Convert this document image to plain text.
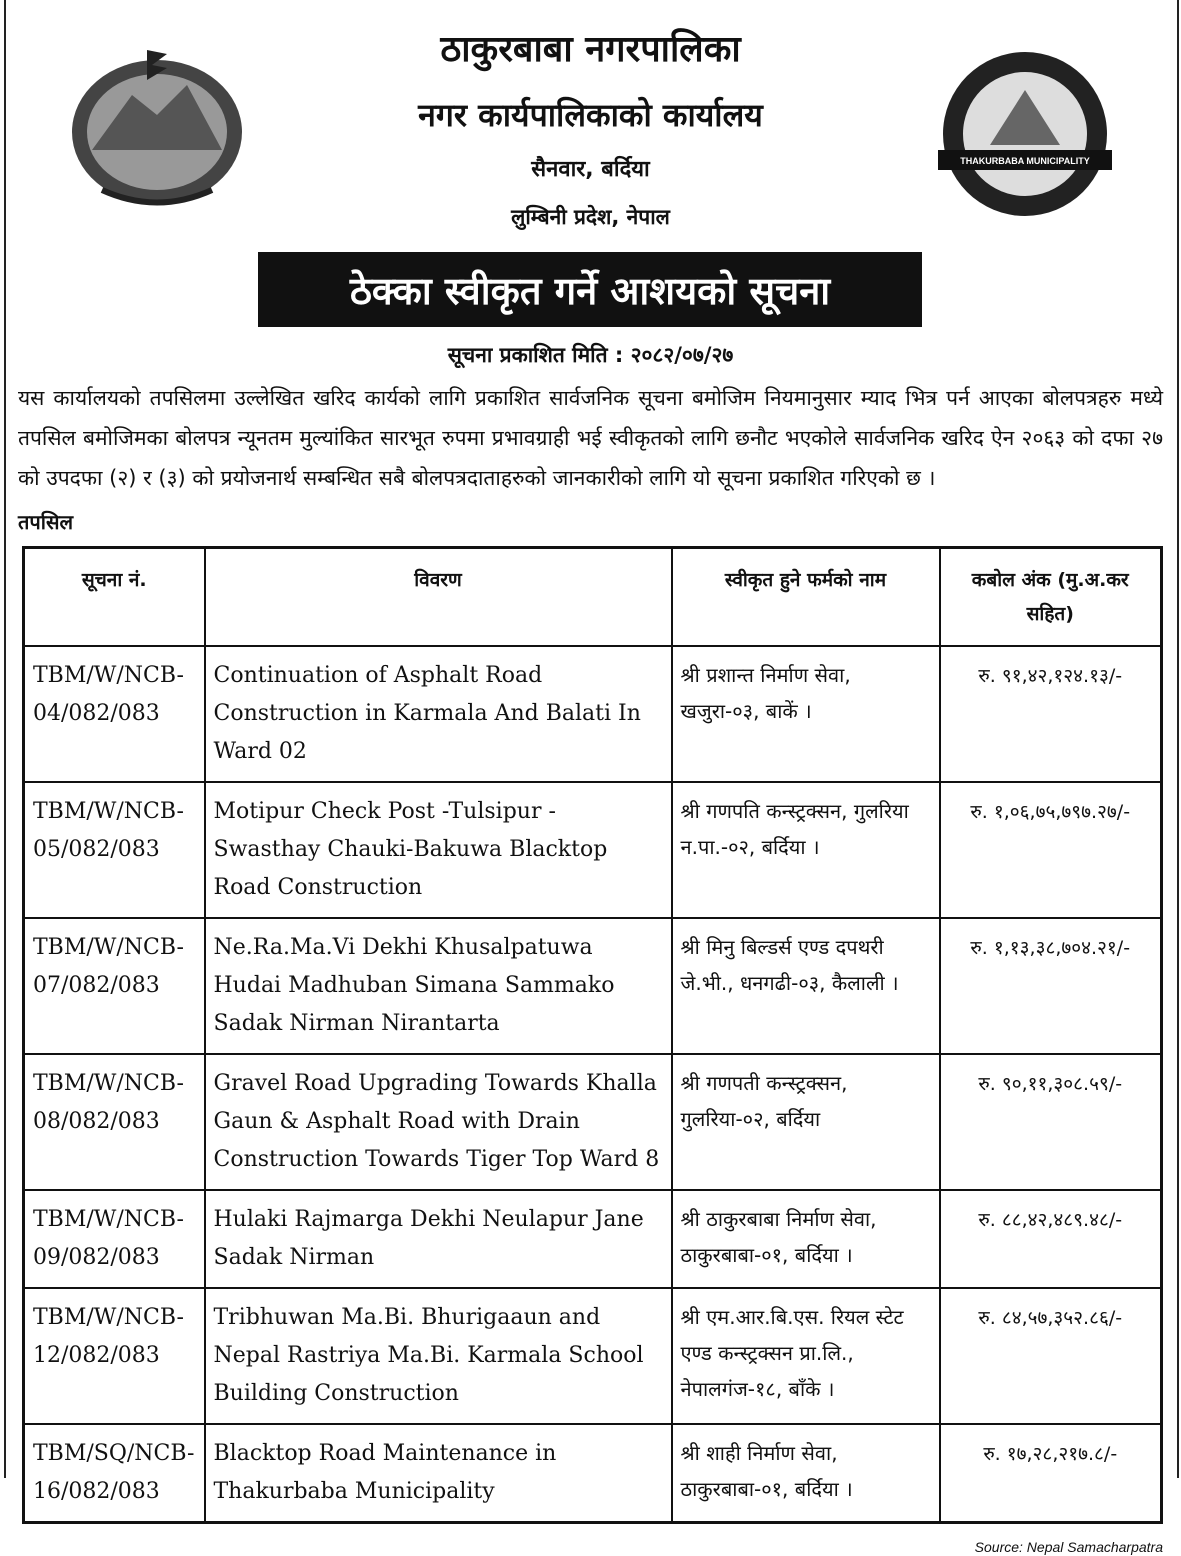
THAKURBABA MUNICIPALITY
ठाकुरबाबा नगरपालिका
नगर कार्यपालिकाको कार्यालय
सैनवार, बर्दिया
लुम्बिनी प्रदेश, नेपाल
ठेक्का स्वीकृत गर्ने आशयको सूचना
सूचना प्रकाशित मिति : २०८२/०७/२७
यस कार्यालयको तपसिलमा उल्लेखित खरिद कार्यको लागि प्रकाशित सार्वजनिक सूचना बमोजिम नियमानुसार म्याद भित्र पर्न आएका बोलपत्रहरु मध्ये तपसिल बमोजिमका बोलपत्र न्यूनतम मुल्यांकित सारभूत रुपमा प्रभावग्राही भई स्वीकृतको लागि छनौट भएकोले सार्वजनिक खरिद ऐन २०६३ को दफा २७ को उपदफा (२) र (३) को प्रयोजनार्थ सम्बन्धित सबै बोलपत्रदाताहरुको जानकारीको लागि यो सूचना प्रकाशित गरिएको छ ।
तपसिल
सूचना नं.	विवरण	स्वीकृत हुने फर्मको नाम	कबोल अंक (मु.अ.कर सहित)
TBM/W/NCB-04/082/083	Continuation of Asphalt Road Construction in Karmala And Balati In Ward 02	श्री प्रशान्त निर्माण सेवा, खजुरा-०३, बाकें ।	रु. ९१,४२,१२४.१३/-
TBM/W/NCB-05/082/083	Motipur Check Post -Tulsipur - Swasthay Chauki-Bakuwa Blacktop Road Construction	श्री गणपति कन्स्ट्रक्सन, गुलरिया न.पा.-०२, बर्दिया ।	रु. १,०६,७५,७९७.२७/-
TBM/W/NCB-07/082/083	Ne.Ra.Ma.Vi Dekhi Khusalpatuwa Hudai Madhuban Simana Sammako Sadak Nirman Nirantarta	श्री मिनु बिल्डर्स एण्ड दपथरी जे.भी., धनगढी-०३, कैलाली ।	रु. १,१३,३८,७०४.२१/-
TBM/W/NCB-08/082/083	Gravel Road Upgrading Towards Khalla Gaun & Asphalt Road with Drain Construction Towards Tiger Top Ward 8	श्री गणपती कन्स्ट्रक्सन, गुलरिया-०२, बर्दिया	रु. ९०,११,३०८.५९/-
TBM/W/NCB-09/082/083	Hulaki Rajmarga Dekhi Neulapur Jane Sadak Nirman	श्री ठाकुरबाबा निर्माण सेवा, ठाकुरबाबा-०१, बर्दिया ।	रु. ८८,४२,४८९.४८/-
TBM/W/NCB-12/082/083	Tribhuwan Ma.Bi. Bhurigaaun and Nepal Rastriya Ma.Bi. Karmala School Building Construction	श्री एम.आर.बि.एस. रियल स्टेट एण्ड कन्स्ट्रक्सन प्रा.लि., नेपालगंज-१८, बाँके ।	रु. ८४,५७,३५२.८६/-
TBM/SQ/NCB-16/082/083	Blacktop Road Maintenance in Thakurbaba Municipality	श्री शाही निर्माण सेवा, ठाकुरबाबा-०१, बर्दिया ।	रु. १७,२८,२१७.८/-
Source: Nepal Samacharpatra
